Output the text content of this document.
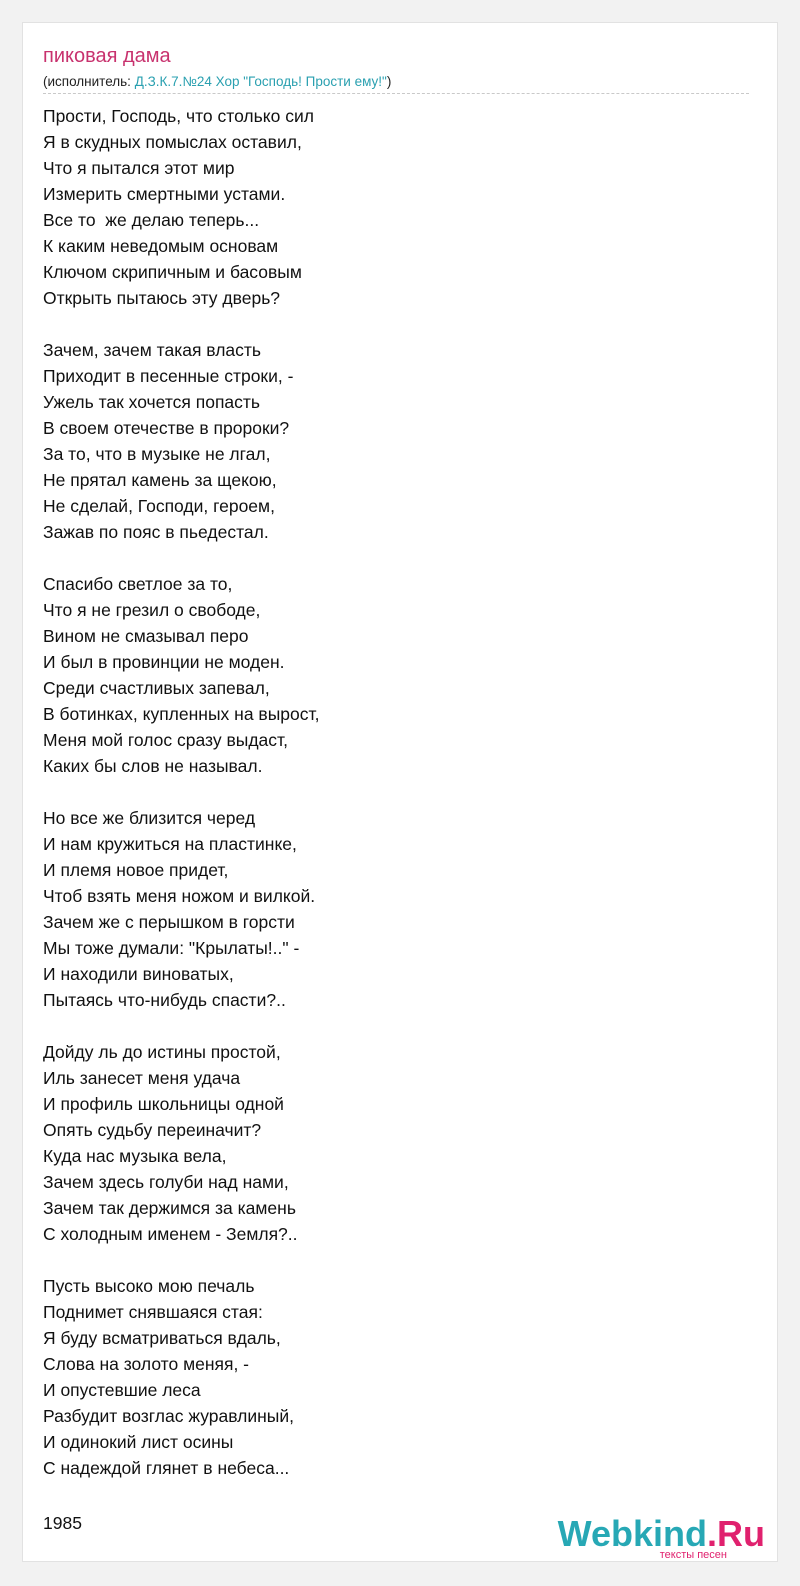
пиковая дама
(исполнитель: Д.З.К.7.№24 Хор "Господь! Прости ему!")
Прости, Господь, что столько сил
Я в скудных помыслах оставил,
Что я пытался этот мир
Измерить смертными устами.
Все то  же делаю теперь...
К каким неведомым основам
Ключом скрипичным и басовым
Открыть пытаюсь эту дверь?
Зачем, зачем такая власть
Приходит в песенные строки, -
Ужель так хочется попасть
В своем отечестве в пророки?
За то, что в музыке не лгал,
Не прятал камень за щекою,
Не сделай, Господи, героем,
Зажав по пояс в пьедестал.
Спасибо светлое за то,
Что я не грезил о свободе,
Вином не смазывал перо
И был в провинции не моден.
Среди счастливых запевал,
В ботинках, купленных на вырост,
Меня мой голос сразу выдаст,
Каких бы слов не называл.
Но все же близится черед
И нам кружиться на пластинке,
И племя новое придет,
Чтоб взять меня ножом и вилкой.
Зачем же с перышком в горсти
Мы тоже думали: "Крылаты!.." -
И находили виноватых,
Пытаясь что-нибудь спасти?..
Дойду ль до истины простой,
Иль занесет меня удача
И профиль школьницы одной
Опять судьбу переиначит?
Куда нас музыка вела,
Зачем здесь голуби над нами,
Зачем так держимся за камень
С холодным именем - Земля?..
Пусть высоко мою печаль
Поднимет снявшаяся стая:
Я буду всматриваться вдаль,
Слова на золото меняя, -
И опустевшие леса
Разбудит возглас журавлиный,
И одинокий лист осины
С надеждой глянет в небеса...
1985	Webkind.Ru
тексты песен
